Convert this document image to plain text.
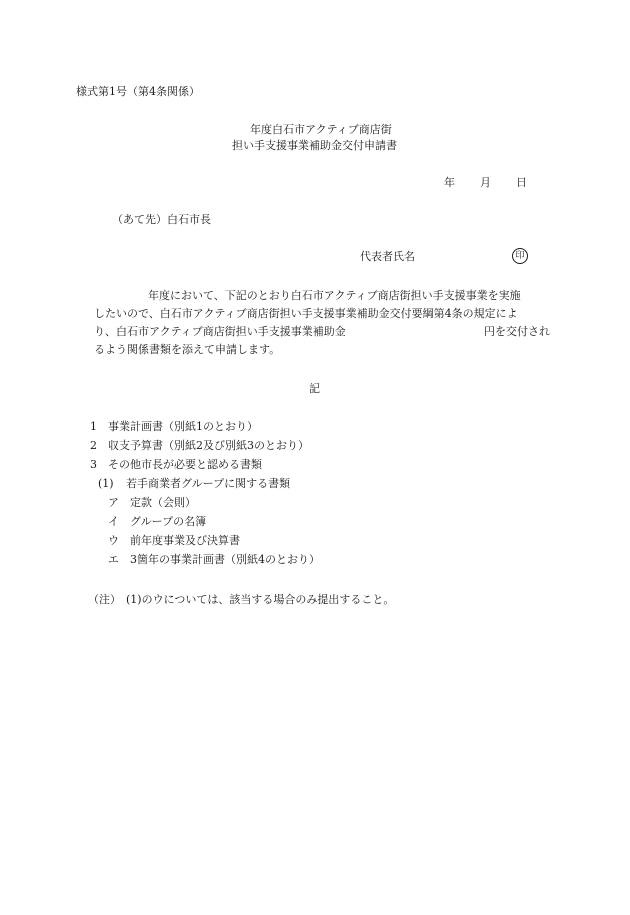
様式第1号（第4条関係）
年度白石市アクティブ商店街
担い手支援事業補助金交付申請書
年 月 日
（あて先）白石市長
代表者氏名	印
年度において、下記のとおり白石市アクティブ商店街担い手支援事業を実施
したいので、白石市アクティブ商店街担い手支援事業補助金交付要綱第4条の規定によ
り、白石市アクティブ商店街担い手支援事業補助金	円を交付され
るよう関係書類を添えて申請します。
記
1 事業計画書（別紙1のとおり）
2 収支予算書（別紙2及び別紙3のとおり）
3 その他市長が必要と認める書類
(1) 若手商業者グループに関する書類
ア 定款（会則）
イ グループの名簿
ウ 前年度事業及び決算書
エ 3箇年の事業計画書（別紙4のとおり）
（注） (1)のウについては、該当する場合のみ提出すること。
